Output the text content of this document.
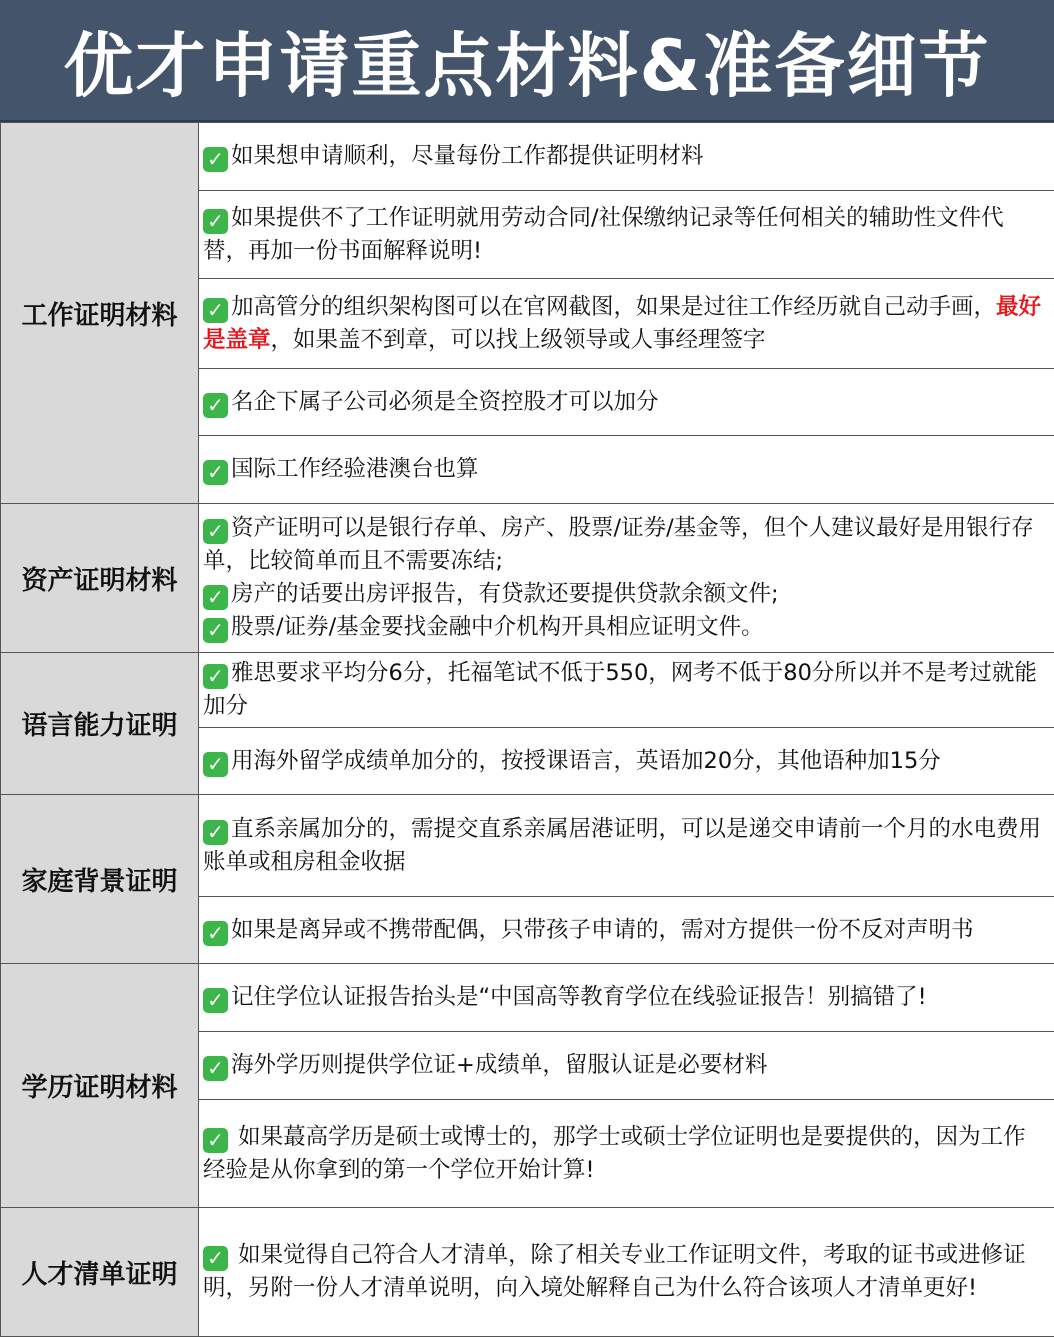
优才申请重点材料&准备细节
工作证明材料	✓ 如果想申请顺利，尽量每份工作都提供证明材料
	✓ 如果提供不了工作证明就用劳动合同/社保缴纳记录等任何相关的辅助性文件代替，再加一份书面解释说明!
	✓ 加高管分的组织架构图可以在官网截图，如果是过往工作经历就自己动手画，最好是盖章，如果盖不到章，可以找上级领导或人事经理签字
	✓ 名企下属子公司必须是全资控股才可以加分
	✓ 国际工作经验港澳台也算
资产证明材料	✓ 资产证明可以是银行存单、房产、股票/证券/基金等，但个人建议最好是用银行存单，比较简单而且不需要冻结;
✓ 房产的话要出房评报告，有贷款还要提供贷款余额文件;
✓ 股票/证券/基金要找金融中介机构开具相应证明文件。

语言能力证明	✓ 雅思要求平均分6分，托福笔试不低于550，网考不低于80分所以并不是考过就能加分
	✓ 用海外留学成绩单加分的，按授课语言，英语加20分，其他语种加15分
家庭背景证明	✓ 直系亲属加分的，需提交直系亲属居港证明，可以是递交申请前一个月的水电费用账单或租房租金收据
	✓ 如果是离异或不携带配偶，只带孩子申请的，需对方提供一份不反对声明书
学历证明材料	✓ 记住学位认证报告抬头是“中国高等教育学位在线验证报告！别搞错了!
	✓ 海外学历则提供学位证+成绩单，留服认证是必要材料
	✓ 如果蕞高学历是硕士或博士的，那学士或硕士学位证明也是要提供的，因为工作经验是从你拿到的第一个学位开始计算!
人才清单证明	✓ 如果觉得自己符合人才清单，除了相关专业工作证明文件，考取的证书或进修证明，另附一份人才清单说明，向入境处解释自己为什么符合该项人才清单更好!
